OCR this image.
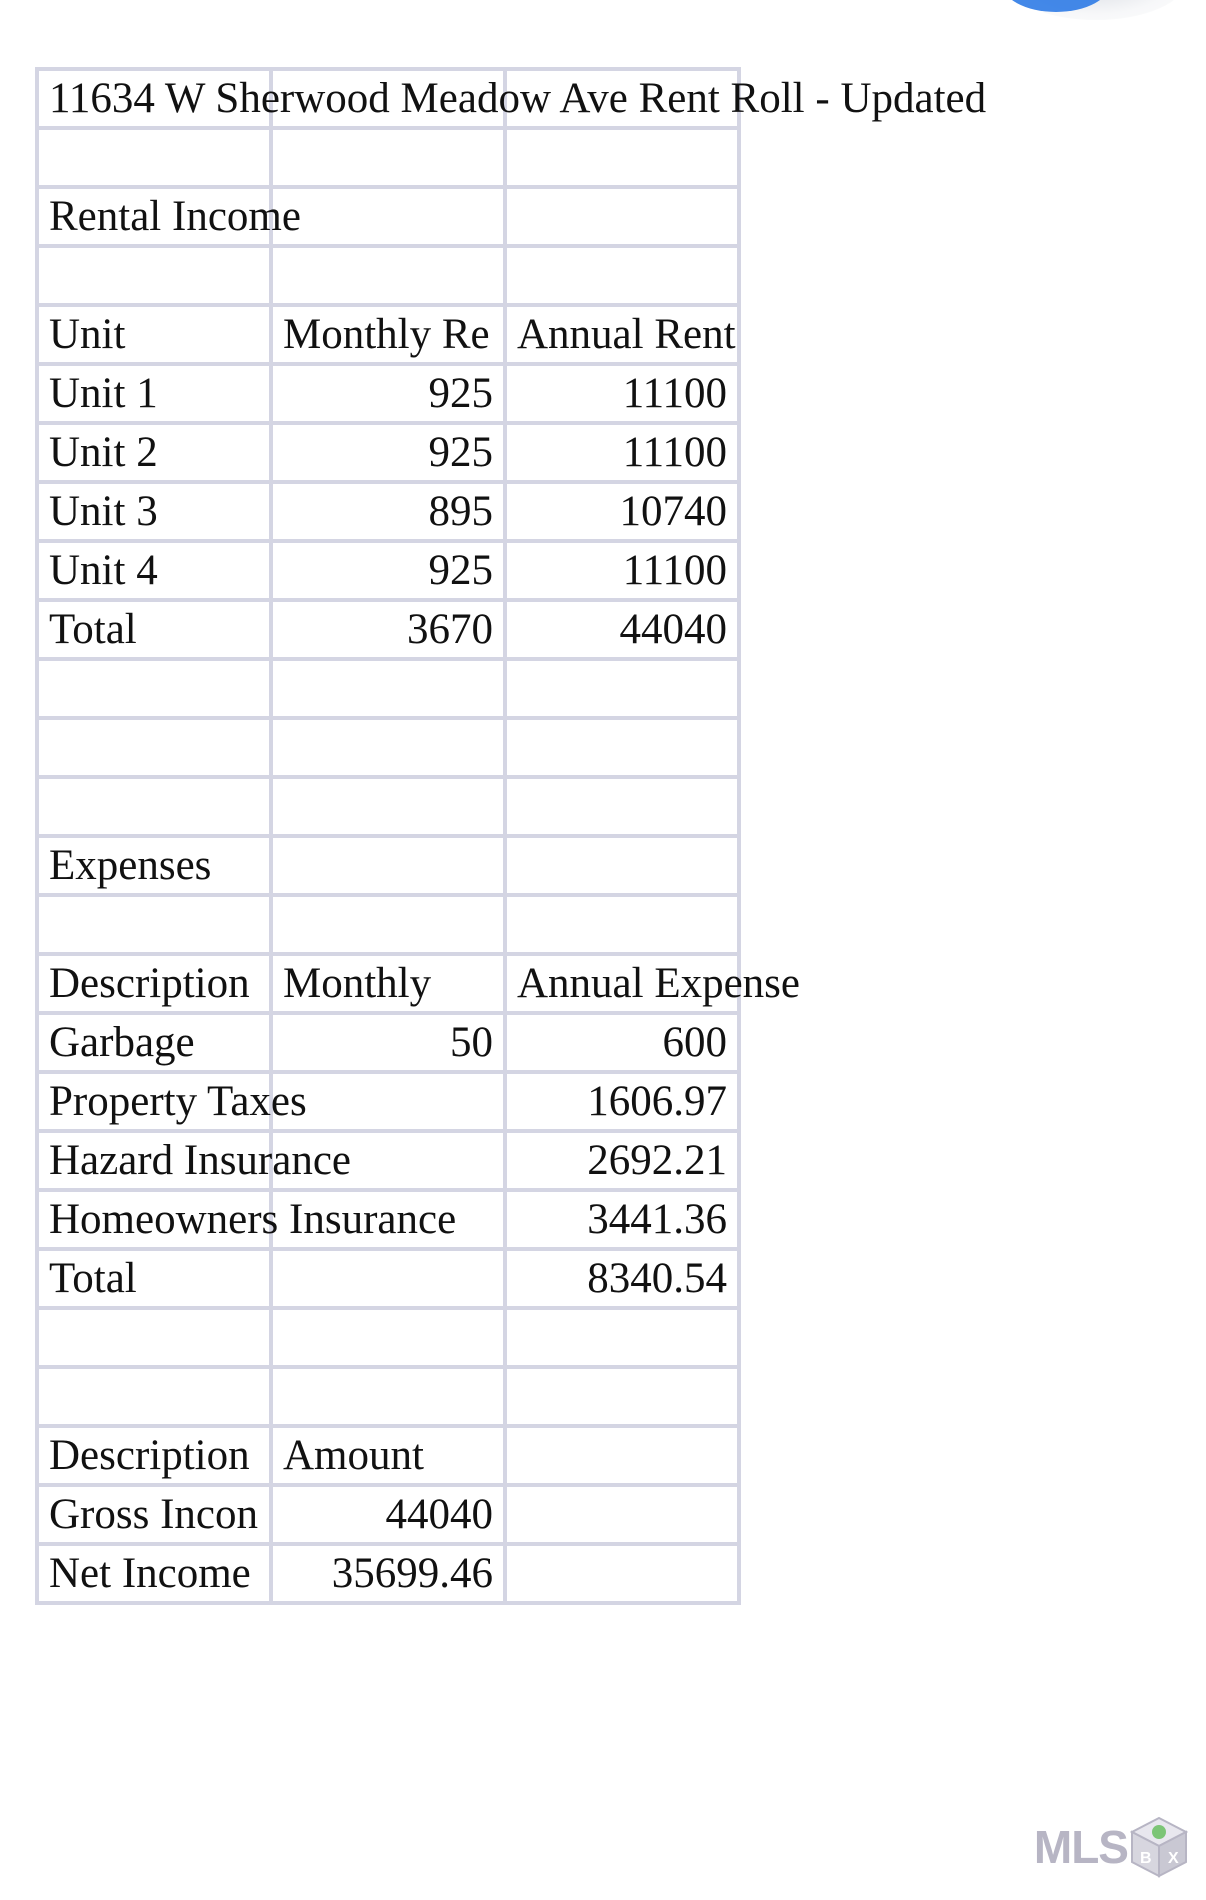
11634 W Sherwood Meadow Ave Rent Roll - Updated		

Rental Income		

Unit	Monthly Re	Annual Rent
Unit 1	925	11100
Unit 2	925	11100
Unit 3	895	10740
Unit 4	925	11100
Total	3670	44040

Expenses		

Description	Monthly	Annual Expense
Garbage	50	600
Property Taxes		1606.97
Hazard Insurance		2692.21
Homeowners Insurance		3441.36
Total		8340.54

Description	Amount	
Gross Incon	44040	
Net Income	35699.46	
MLS B X
